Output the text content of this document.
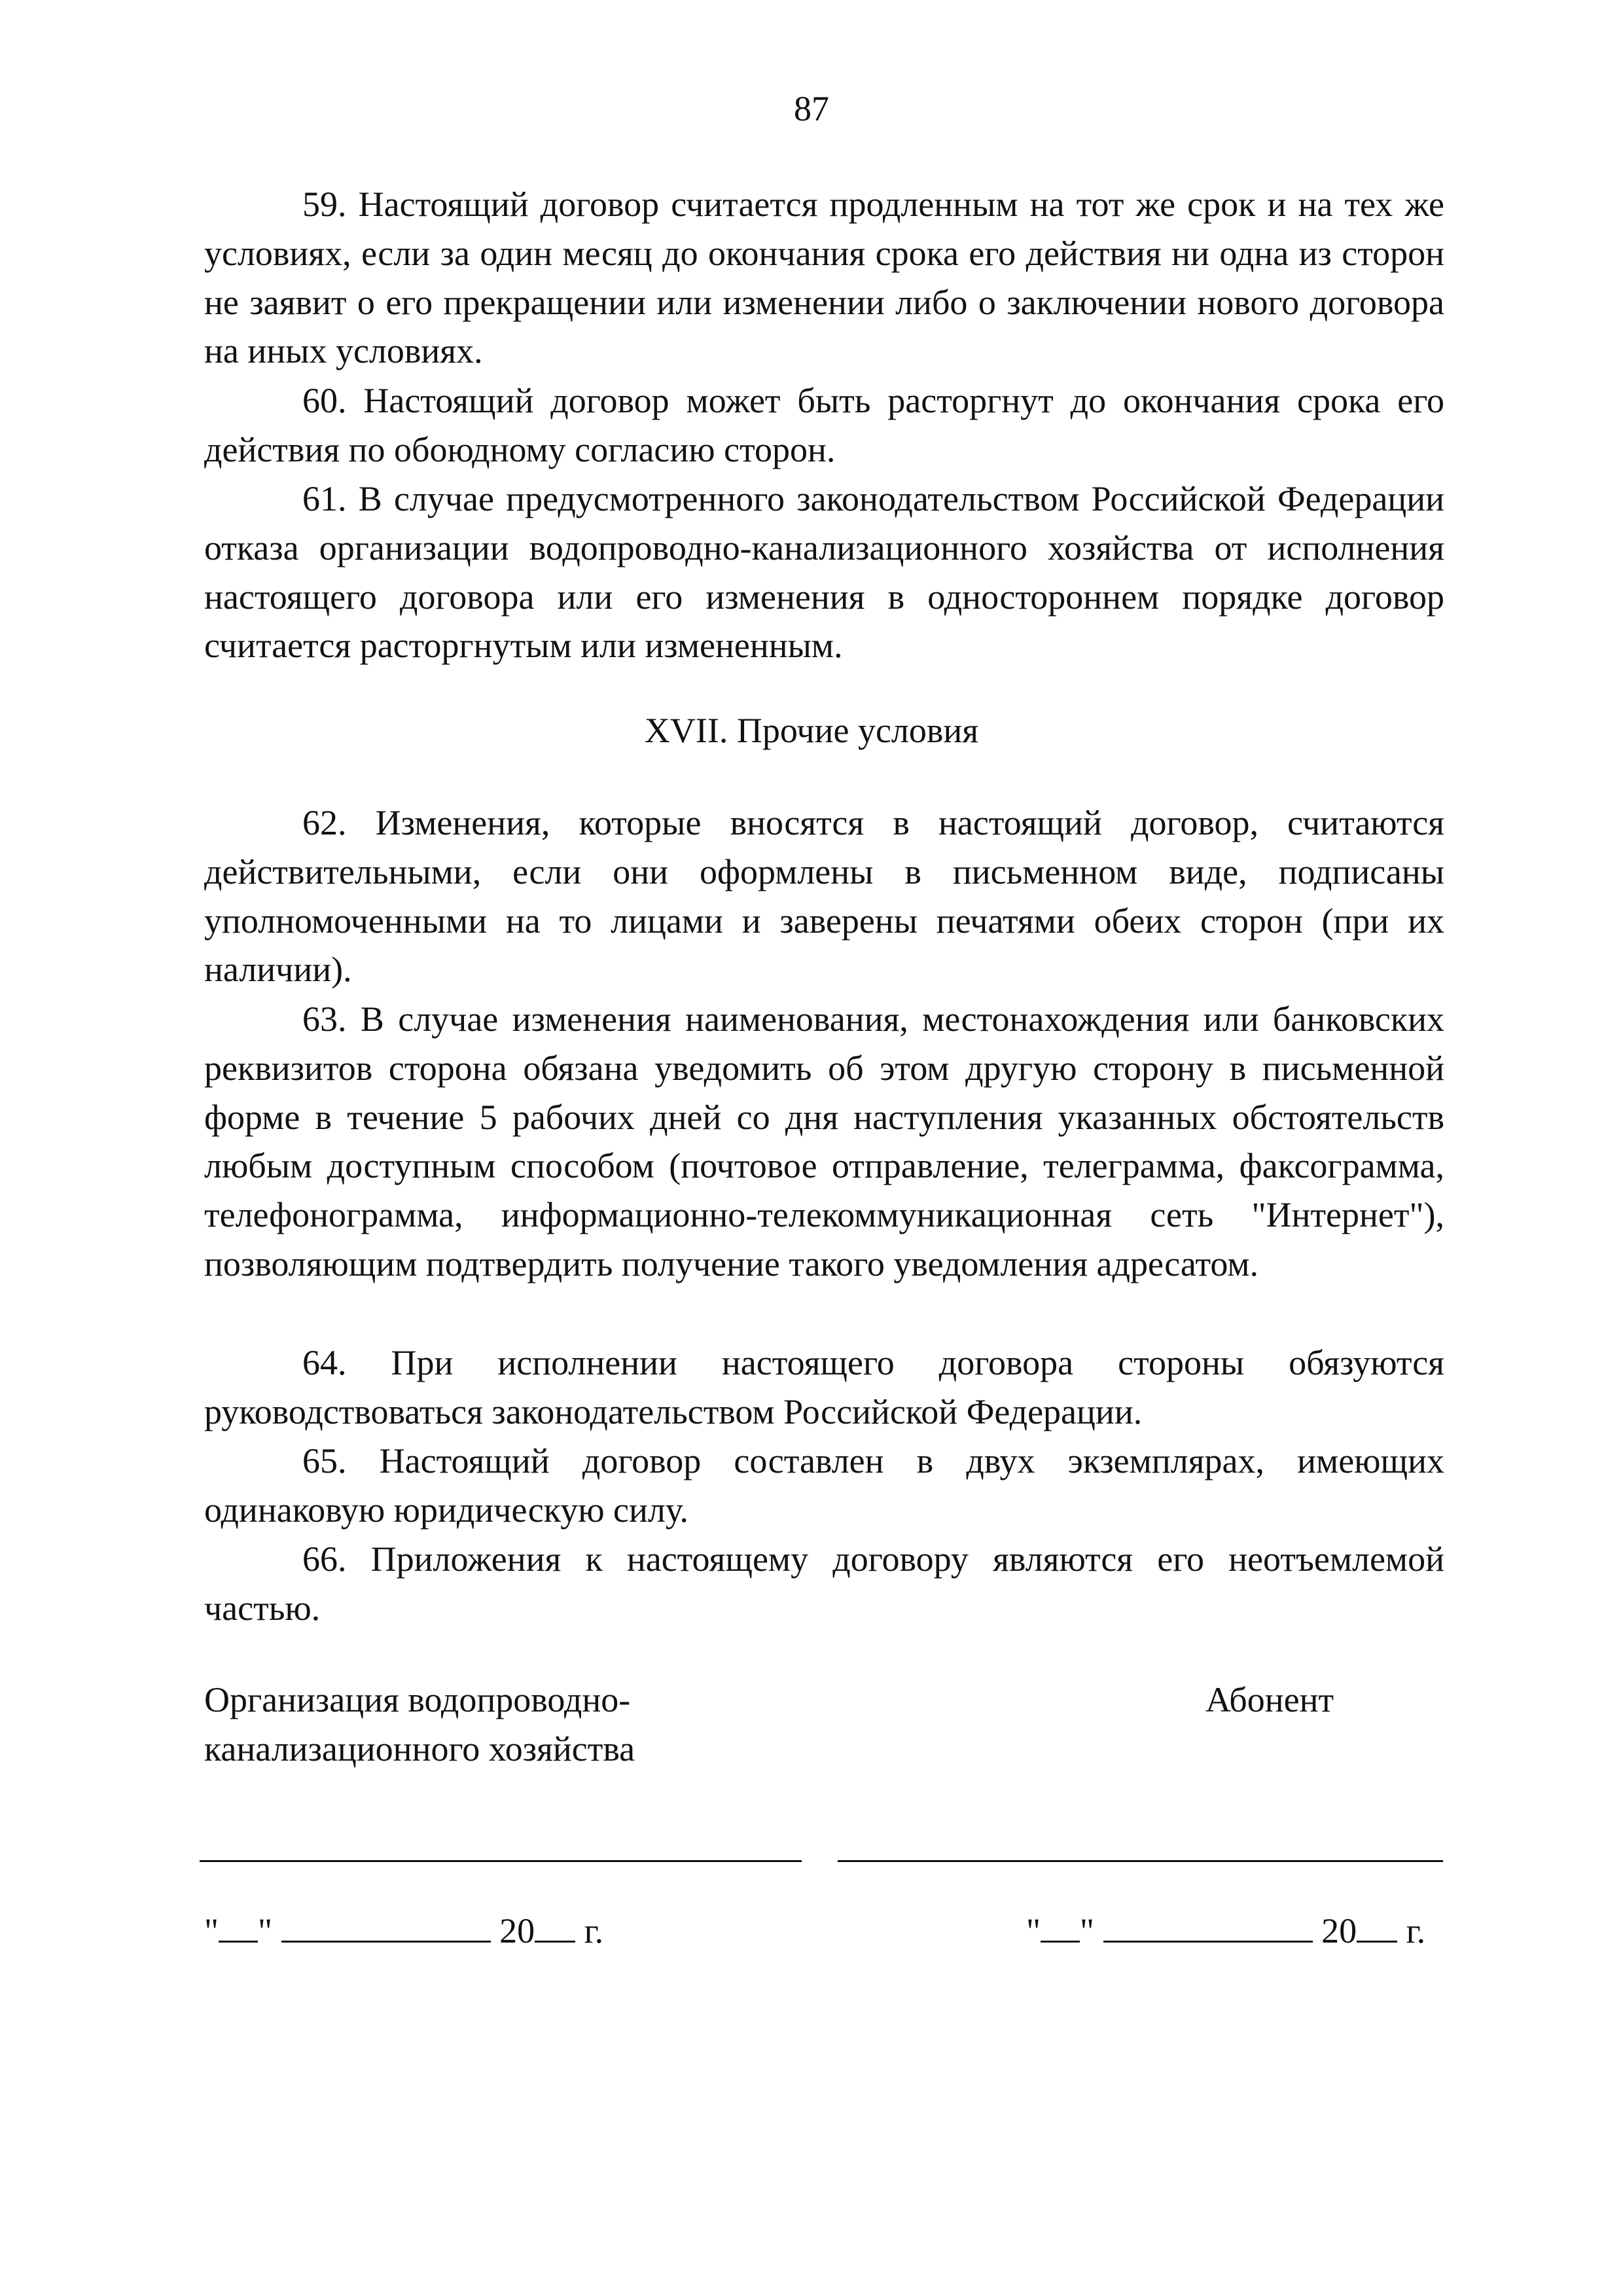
87

59. Настоящий договор считается продленным на тот же срок и на тех же условиях, если за один месяц до окончания срока его действия ни одна из сторон не заявит о его прекращении или изменении либо о заключении нового договора на иных условиях.

60. Настоящий договор может быть расторгнут до окончания срока его действия по обоюдному согласию сторон.

61. В случае предусмотренного законодательством Российской Федерации отказа организации водопроводно-канализационного хозяйства от исполнения настоящего договора или его изменения в одностороннем порядке договор считается расторгнутым или измененным.

XVII. Прочие условия

62. Изменения, которые вносятся в настоящий договор, считаются действительными, если они оформлены в письменном виде, подписаны уполномоченными на то лицами и заверены печатями обеих сторон (при их наличии).

63. В случае изменения наименования, местонахождения или банковских реквизитов сторона обязана уведомить об этом другую сторону в письменной форме в течение 5 рабочих дней со дня наступления указанных обстоятельств любым доступным способом (почтовое отправление, телеграмма, факсограмма, телефонограмма, информационно-телекоммуникационная сеть "Интернет"), позволяющим подтвердить получение такого уведомления адресатом.

64. При исполнении настоящего договора стороны обязуются руководствоваться законодательством Российской Федерации.

65. Настоящий договор составлен в двух экземплярах, имеющих одинаковую юридическую силу.

66. Приложения к настоящему договору являются его неотъемлемой частью.

Организация водопроводно-
канализационного хозяйства

Абонент

" "	20 г.	" "	20 г.
